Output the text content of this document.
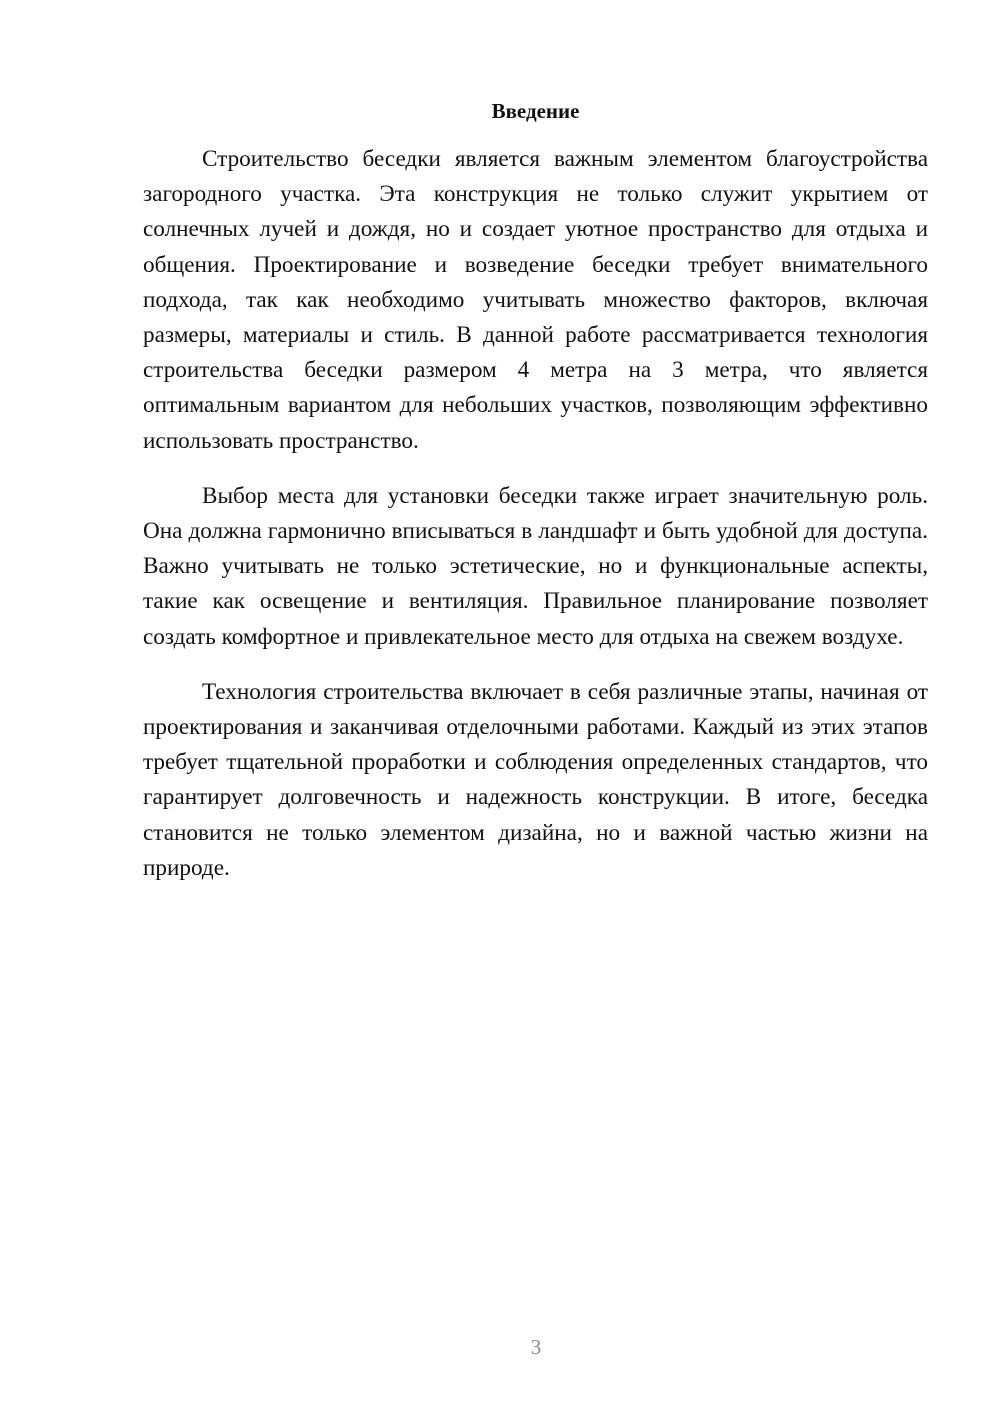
Введение

Строительство беседки является важным элементом благоустройства загородного участка. Эта конструкция не только служит укрытием от солнечных лучей и дождя, но и создает уютное пространство для отдыха и общения. Проектирование и возведение беседки требует внимательного подхода, так как необходимо учитывать множество факторов, включая размеры, материалы и стиль. В данной работе рассматривается технология строительства беседки размером 4 метра на 3 метра, что является оптимальным вариантом для небольших участков, позволяющим эффективно использовать пространство.

Выбор места для установки беседки также играет значительную роль. Она должна гармонично вписываться в ландшафт и быть удобной для доступа. Важно учитывать не только эстетические, но и функциональные аспекты, такие как освещение и вентиляция. Правильное планирование позволяет создать комфортное и привлекательное место для отдыха на свежем воздухе.

Технология строительства включает в себя различные этапы, начиная от проектирования и заканчивая отделочными работами. Каждый из этих этапов требует тщательной проработки и соблюдения определенных стандартов, что гарантирует долговечность и надежность конструкции. В итоге, беседка становится не только элементом дизайна, но и важной частью жизни на природе.

3
